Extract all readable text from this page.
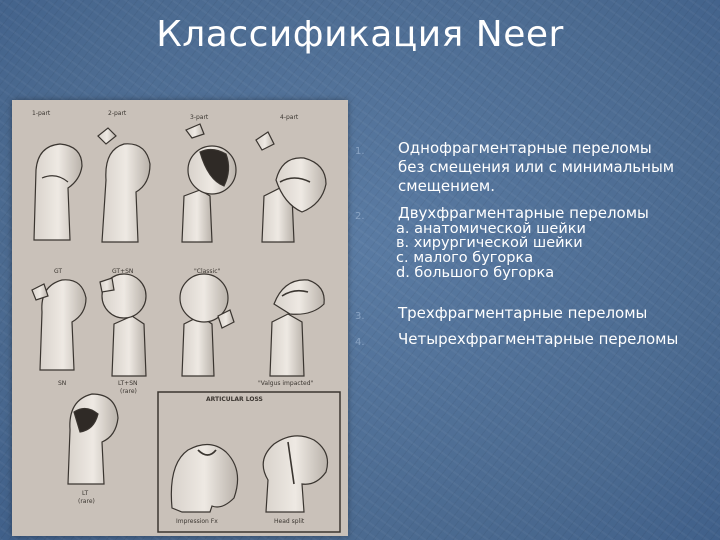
Классификация Neer
1-part	2-part
3-part	4-part
GT	GT+SN	"Classic"
SN	LT+SN
(rare)
"Valgus impacted"
ARTICULAR LOSS
LT
(rare)
Impression Fx	Head split
1. Однофрагментарные переломы
без смещения или с минимальным
смещением.
2. Двухфрагментарные переломы
a. анатомической шейки
в. хирургической шейки
c. малого бугорка
d. большого бугорка
3. Трехфрагментарные переломы
4. Четырехфрагментарные переломы
